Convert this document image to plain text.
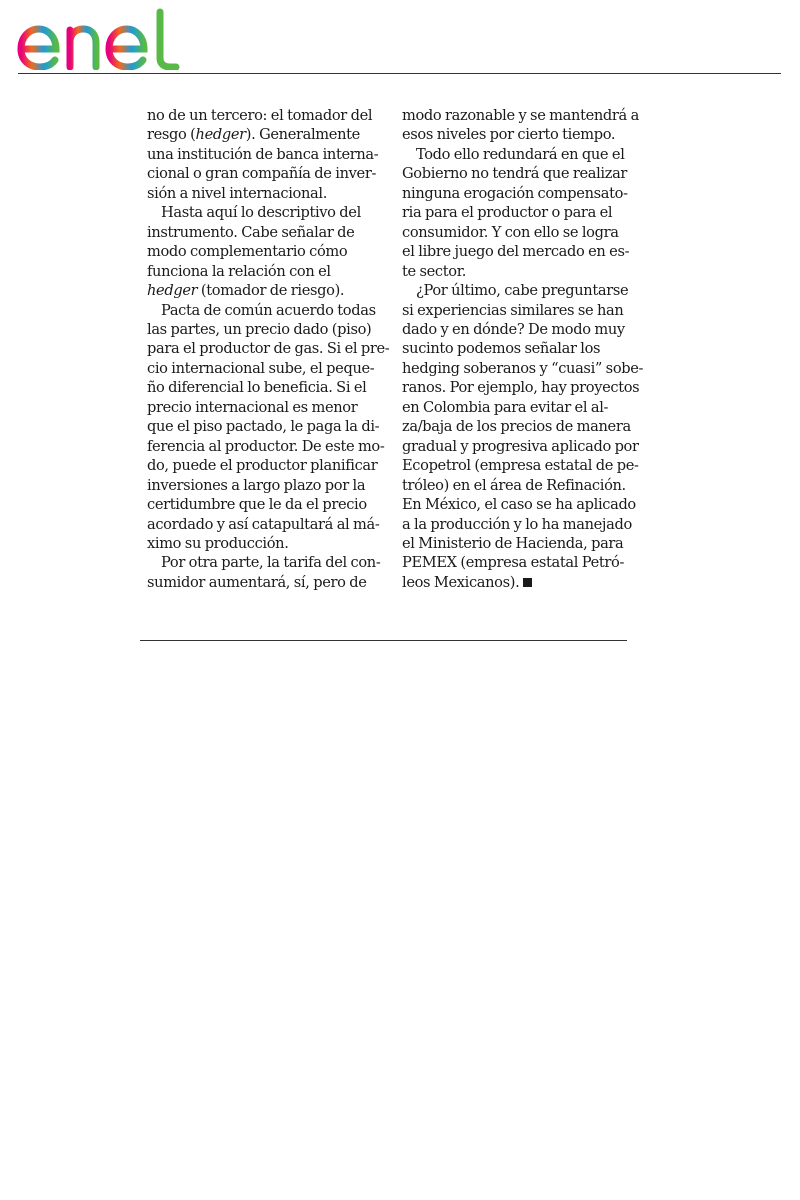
no de un tercero: el tomador del
resgo (hedger). Generalmente
una institución de banca interna-
cional o gran compañía de inver-
sión a nivel internacional.
Hasta aquí lo descriptivo del
instrumento. Cabe señalar de
modo complementario cómo
funciona la relación con el
hedger (tomador de riesgo).
Pacta de común acuerdo todas
las partes, un precio dado (piso)
para el productor de gas. Si el pre-
cio internacional sube, el peque-
ño diferencial lo beneficia. Si el
precio internacional es menor
que el piso pactado, le paga la di-
ferencia al productor. De este mo-
do, puede el productor planificar
inversiones a largo plazo por la
certidumbre que le da el precio
acordado y así catapultará al má-
ximo su producción.
Por otra parte, la tarifa del con-
sumidor aumentará, sí, pero de
modo razonable y se mantendrá a
esos niveles por cierto tiempo.
Todo ello redundará en que el
Gobierno no tendrá que realizar
ninguna erogación compensato-
ria para el productor o para el
consumidor. Y con ello se logra
el libre juego del mercado en es-
te sector.
¿Por último, cabe preguntarse
si experiencias similares se han
dado y en dónde? De modo muy
sucinto podemos señalar los
hedging soberanos y “cuasi” sobe-
ranos. Por ejemplo, hay proyectos
en Colombia para evitar el al-
za/baja de los precios de manera
gradual y progresiva aplicado por
Ecopetrol (empresa estatal de pe-
tróleo) en el área de Refinación.
En México, el caso se ha aplicado
a la producción y lo ha manejado
el Ministerio de Hacienda, para
PEMEX (empresa estatal Petró-
leos Mexicanos).
